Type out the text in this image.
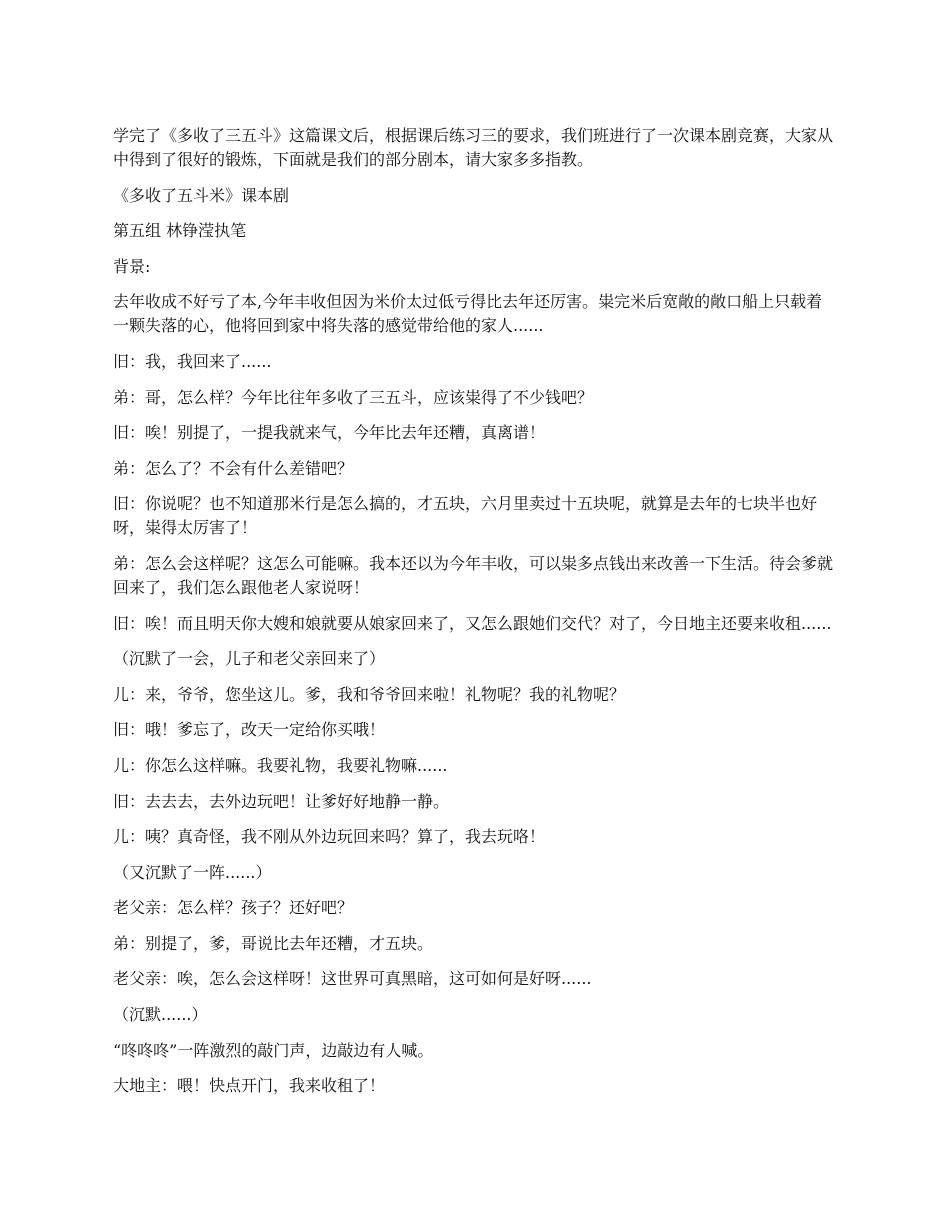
学完了《多收了三五斗》这篇课文后，根据课后练习三的要求，我们班进行了一次课本剧竞赛，大家从中得到了很好的锻炼，下面就是我们的部分剧本，请大家多多指教。

《多收了五斗米》课本剧

第五组 林铮滢执笔

背景:

去年收成不好亏了本,今年丰收但因为米价太过低亏得比去年还厉害。粜完米后宽敞的敞口船上只载着一颗失落的心，他将回到家中将失落的感觉带给他的家人......

旧：我，我回来了......

弟：哥，怎么样？今年比往年多收了三五斗，应该粜得了不少钱吧？

旧：唉！别提了，一提我就来气，今年比去年还糟，真离谱！

弟：怎么了？不会有什么差错吧？

旧：你说呢？也不知道那米行是怎么搞的，才五块，六月里卖过十五块呢，就算是去年的七块半也好呀，粜得太厉害了！

弟：怎么会这样呢？这怎么可能嘛。我本还以为今年丰收，可以粜多点钱出来改善一下生活。待会爹就回来了，我们怎么跟他老人家说呀！

旧：唉！而且明天你大嫂和娘就要从娘家回来了，又怎么跟她们交代？对了，今日地主还要来收租......

（沉默了一会，儿子和老父亲回来了）

儿：来，爷爷，您坐这儿。爹，我和爷爷回来啦！礼物呢？我的礼物呢？

旧：哦！爹忘了，改天一定给你买哦！

儿：你怎么这样嘛。我要礼物，我要礼物嘛......

旧：去去去，去外边玩吧！让爹好好地静一静。

儿：咦？真奇怪，我不刚从外边玩回来吗？算了，我去玩咯！

（又沉默了一阵......）

老父亲：怎么样？孩子？还好吧？

弟：别提了，爹，哥说比去年还糟，才五块。

老父亲：唉，怎么会这样呀！这世界可真黑暗，这可如何是好呀......

（沉默......）

“咚咚咚”一阵激烈的敲门声，边敲边有人喊。

大地主：喂！快点开门，我来收租了！
